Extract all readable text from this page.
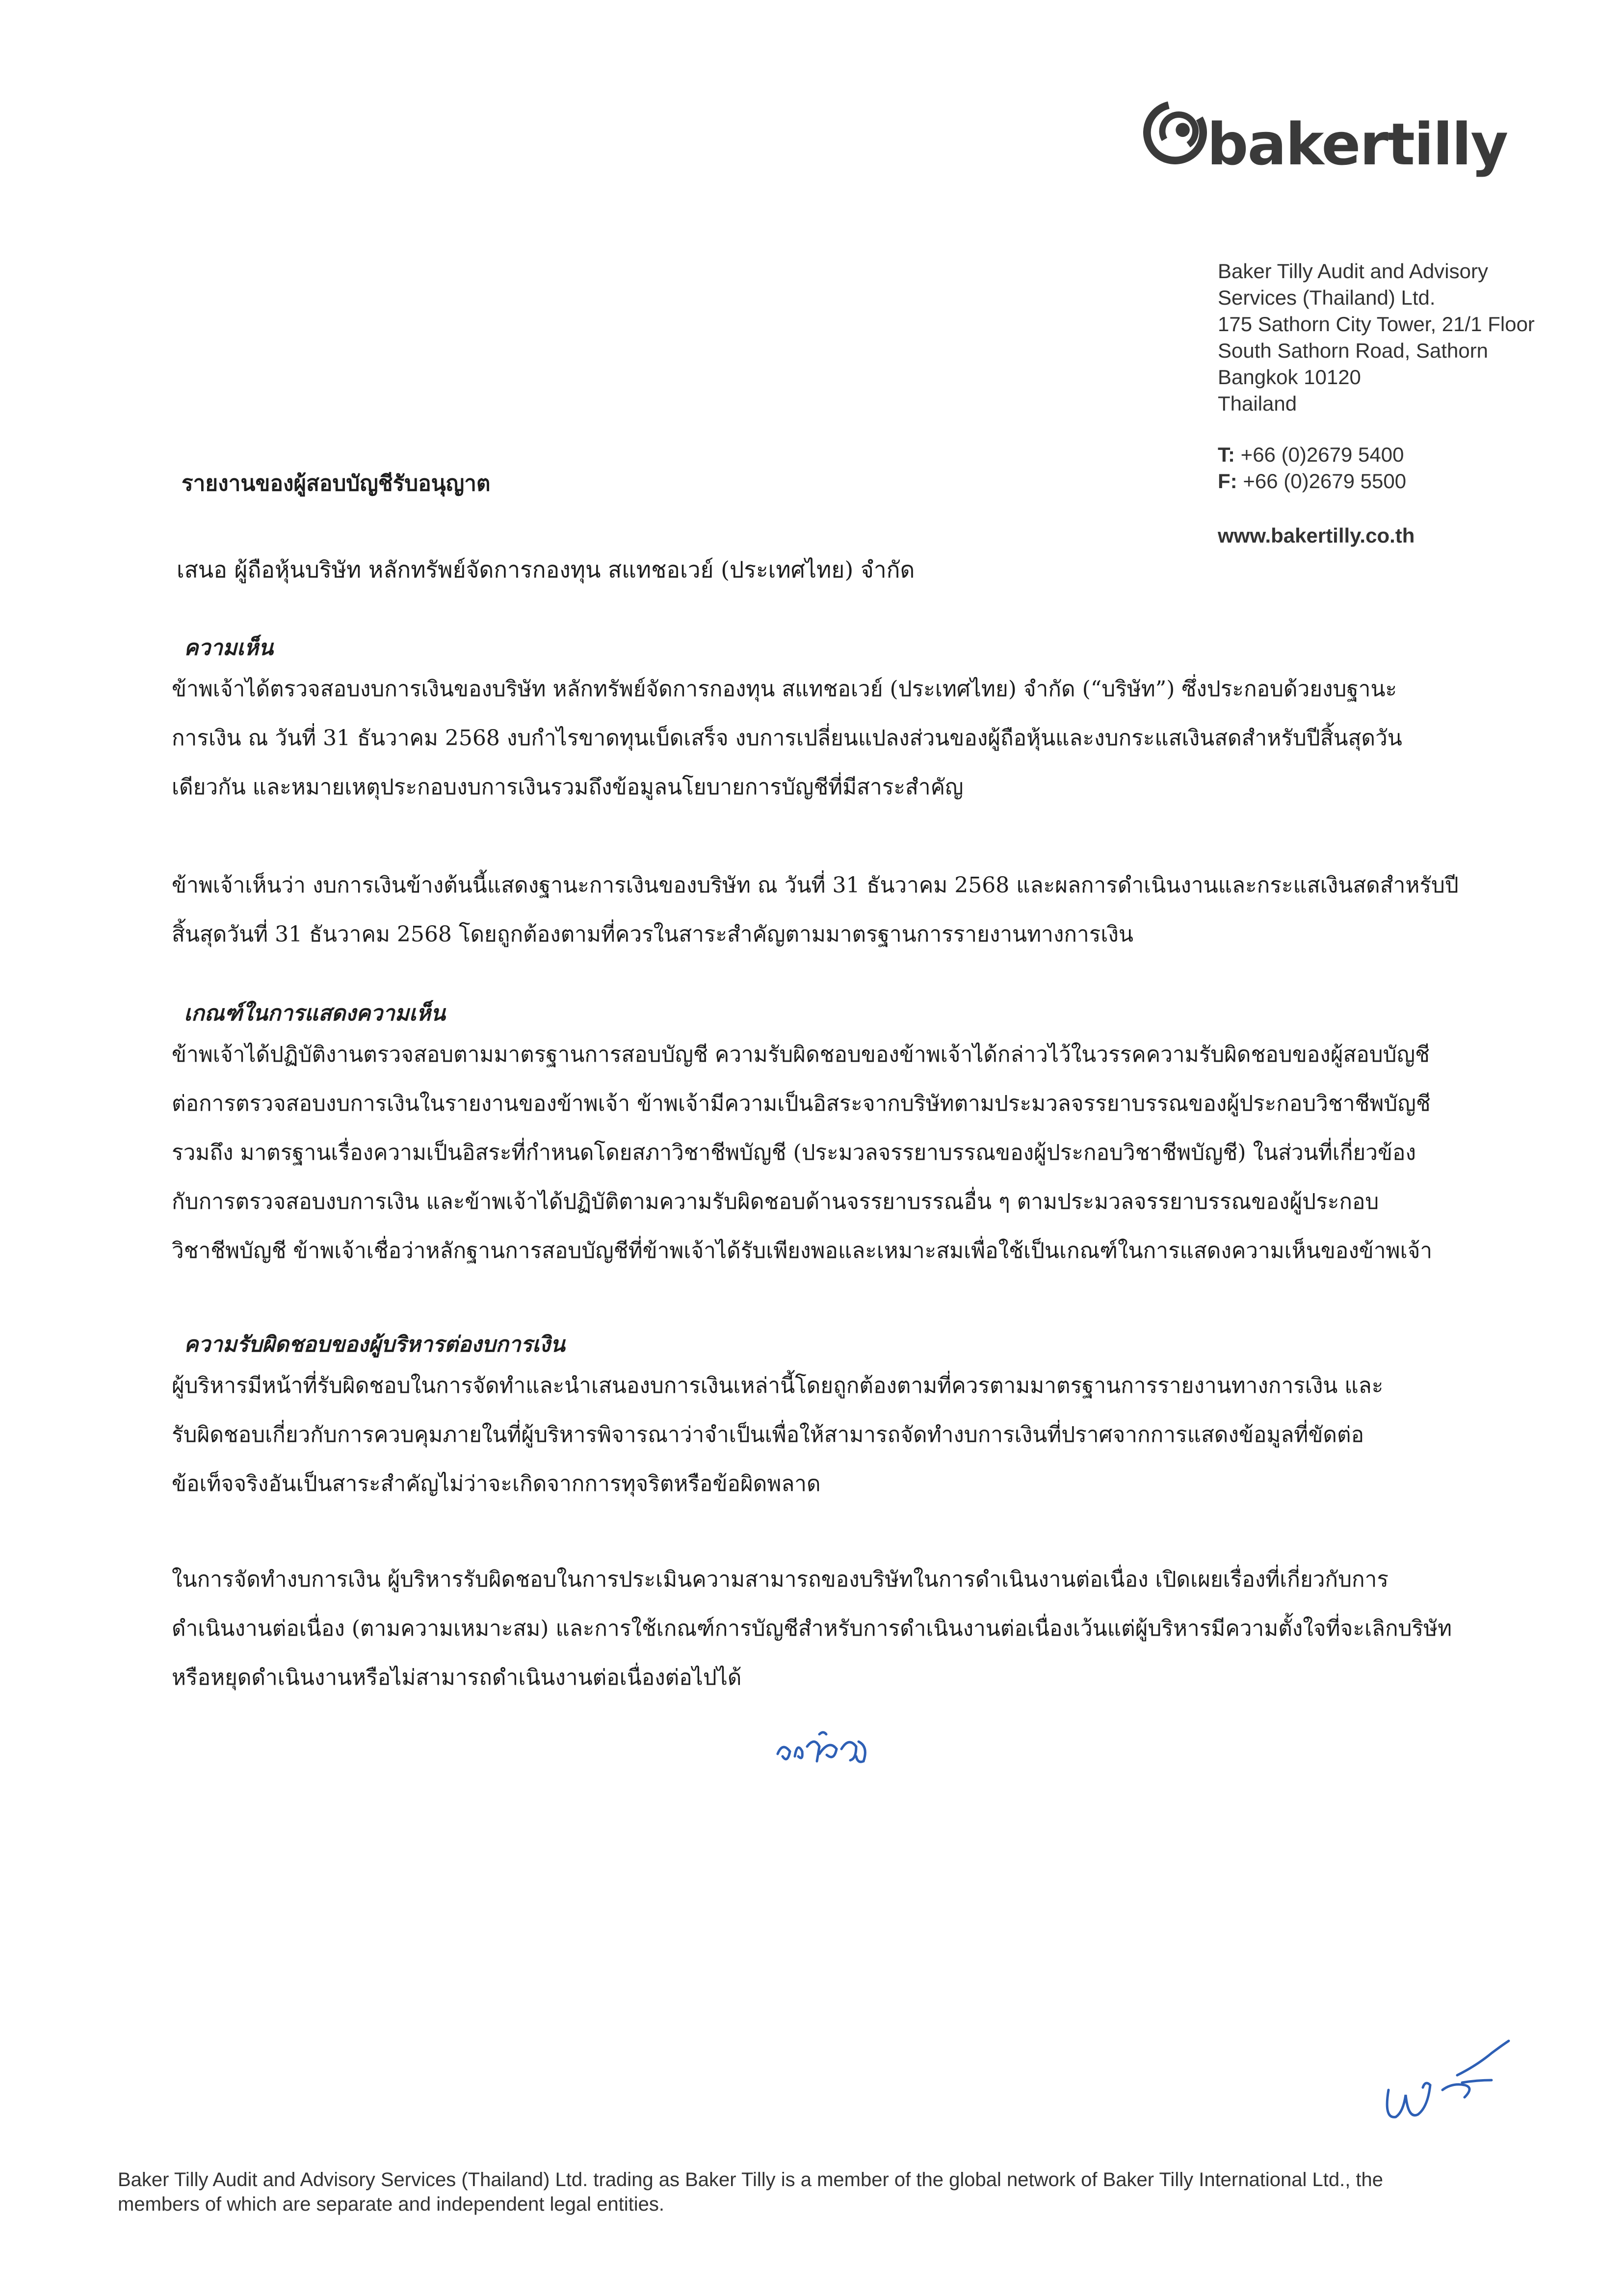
bakertilly
Baker Tilly Audit and Advisory
Services (Thailand) Ltd.
175 Sathorn City Tower, 21/1 Floor
South Sathorn Road, Sathorn
Bangkok 10120
Thailand
T: +66 (0)2679 5400
F: +66 (0)2679 5500
www.bakertilly.co.th
รายงานของผู้สอบบัญชีรับอนุญาต
เสนอ ผู้ถือหุ้นบริษัท หลักทรัพย์จัดการกองทุน สแทชอเวย์ (ประเทศไทย) จำกัด
ความเห็น

ข้าพเจ้าได้ตรวจสอบงบการเงินของบริษัท หลักทรัพย์จัดการกองทุน สแทชอเวย์ (ประเทศไทย) จำกัด (“บริษัท”) ซึ่งประกอบด้วยงบฐานะ

การเงิน ณ วันที่ 31 ธันวาคม 2568 งบกำไรขาดทุนเบ็ดเสร็จ งบการเปลี่ยนแปลงส่วนของผู้ถือหุ้นและงบกระแสเงินสดสำหรับปีสิ้นสุดวัน

เดียวกัน และหมายเหตุประกอบงบการเงินรวมถึงข้อมูลนโยบายการบัญชีที่มีสาระสำคัญ

ข้าพเจ้าเห็นว่า งบการเงินข้างต้นนี้แสดงฐานะการเงินของบริษัท ณ วันที่ 31 ธันวาคม 2568 และผลการดำเนินงานและกระแสเงินสดสำหรับปี

สิ้นสุดวันที่ 31 ธันวาคม 2568 โดยถูกต้องตามที่ควรในสาระสำคัญตามมาตรฐานการรายงานทางการเงิน

เกณฑ์ในการแสดงความเห็น

ข้าพเจ้าได้ปฏิบัติงานตรวจสอบตามมาตรฐานการสอบบัญชี ความรับผิดชอบของข้าพเจ้าได้กล่าวไว้ในวรรคความรับผิดชอบของผู้สอบบัญชี

ต่อการตรวจสอบงบการเงินในรายงานของข้าพเจ้า ข้าพเจ้ามีความเป็นอิสระจากบริษัทตามประมวลจรรยาบรรณของผู้ประกอบวิชาชีพบัญชี

รวมถึง มาตรฐานเรื่องความเป็นอิสระที่กำหนดโดยสภาวิชาชีพบัญชี (ประมวลจรรยาบรรณของผู้ประกอบวิชาชีพบัญชี) ในส่วนที่เกี่ยวข้อง

กับการตรวจสอบงบการเงิน และข้าพเจ้าได้ปฏิบัติตามความรับผิดชอบด้านจรรยาบรรณอื่น ๆ ตามประมวลจรรยาบรรณของผู้ประกอบ

วิชาชีพบัญชี ข้าพเจ้าเชื่อว่าหลักฐานการสอบบัญชีที่ข้าพเจ้าได้รับเพียงพอและเหมาะสมเพื่อใช้เป็นเกณฑ์ในการแสดงความเห็นของข้าพเจ้า

ความรับผิดชอบของผู้บริหารต่องบการเงิน

ผู้บริหารมีหน้าที่รับผิดชอบในการจัดทำและนำเสนองบการเงินเหล่านี้โดยถูกต้องตามที่ควรตามมาตรฐานการรายงานทางการเงิน และ

รับผิดชอบเกี่ยวกับการควบคุมภายในที่ผู้บริหารพิจารณาว่าจำเป็นเพื่อให้สามารถจัดทำงบการเงินที่ปราศจากการแสดงข้อมูลที่ขัดต่อ

ข้อเท็จจริงอันเป็นสาระสำคัญไม่ว่าจะเกิดจากการทุจริตหรือข้อผิดพลาด

ในการจัดทำงบการเงิน ผู้บริหารรับผิดชอบในการประเมินความสามารถของบริษัทในการดำเนินงานต่อเนื่อง เปิดเผยเรื่องที่เกี่ยวกับการ

ดำเนินงานต่อเนื่อง (ตามความเหมาะสม) และการใช้เกณฑ์การบัญชีสำหรับการดำเนินงานต่อเนื่องเว้นแต่ผู้บริหารมีความตั้งใจที่จะเลิกบริษัท

หรือหยุดดำเนินงานหรือไม่สามารถดำเนินงานต่อเนื่องต่อไปได้

Baker Tilly Audit and Advisory Services (Thailand) Ltd. trading as Baker Tilly is a member of the global network of Baker Tilly International Ltd., the
members of which are separate and independent legal entities.
